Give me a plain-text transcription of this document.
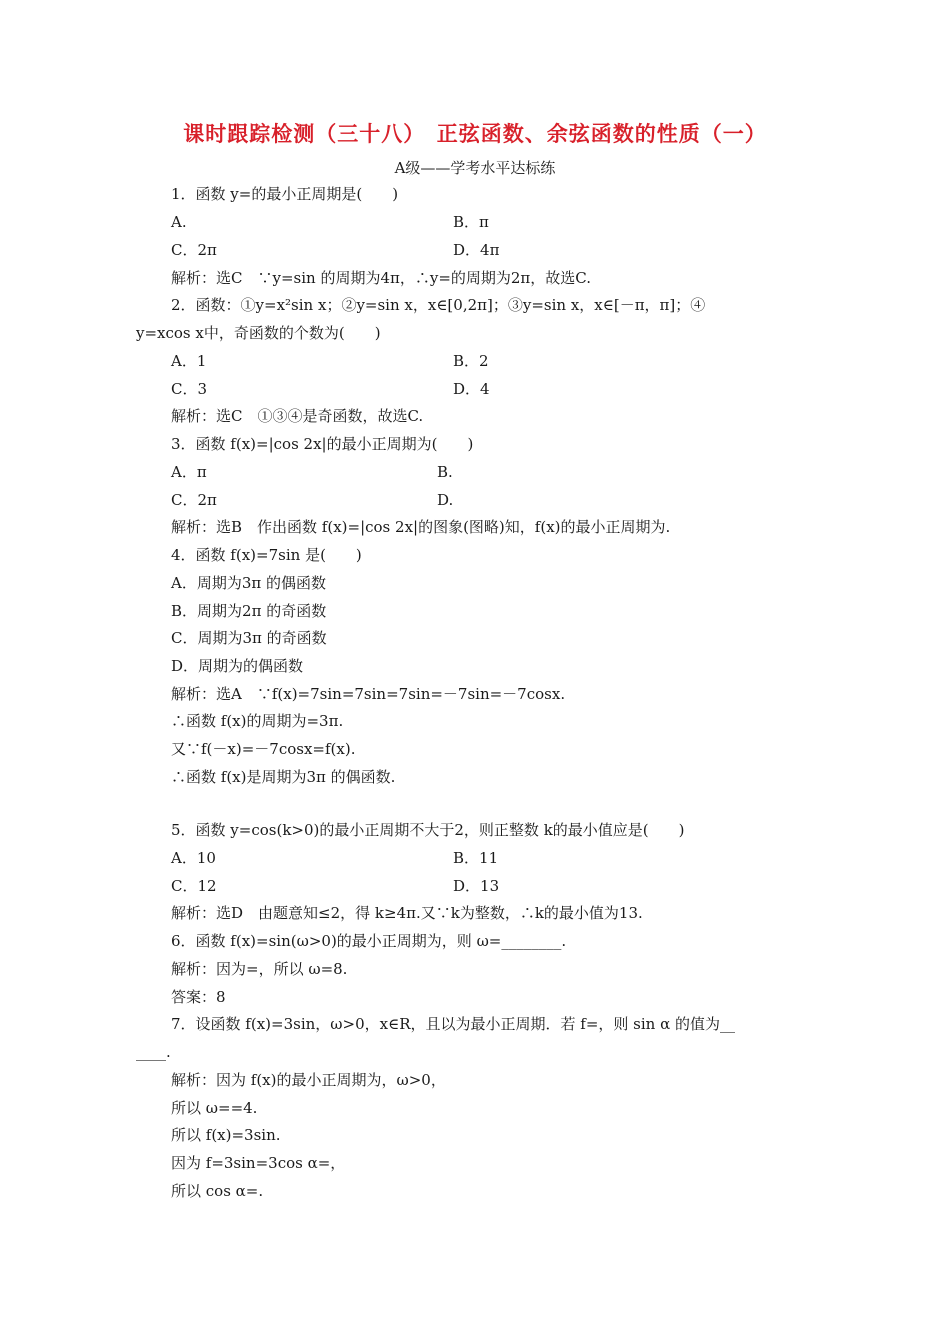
课时跟踪检测（三十八）　正弦函数、余弦函数的性质（一）
A级——学考水平达标练
1．函数 y=的最小正周期是(　　)
A.	B．π
C．2π	D．4π
解析：选C　∵y=sin 的周期为4π，∴y=的周期为2π，故选C.
2．函数：①y=x²sin x；②y=sin x，x∈[0,2π]；③y=sin x，x∈[－π，π]；④
y=xcos x中，奇函数的个数为(　　)
A．1	B．2
C．3	D．4
解析：选C　①③④是奇函数，故选C.
3．函数 f(x)=|cos 2x|的最小正周期为(　　)
A．π	B.
C．2π	D.
解析：选B　作出函数 f(x)=|cos 2x|的图象(图略)知，f(x)的最小正周期为.
4．函数 f(x)=7sin 是(　　)
A．周期为3π 的偶函数
B．周期为2π 的奇函数
C．周期为3π 的奇函数
D．周期为的偶函数
解析：选A　∵f(x)=7sin=7sin=7sin=－7sin=－7cosx.
∴函数 f(x)的周期为=3π.
又∵f(－x)=－7cosx=f(x).
∴函数 f(x)是周期为3π 的偶函数.
5．函数 y=cos(k>0)的最小正周期不大于2，则正整数 k的最小值应是(　　)
A．10	B．11
C．12	D．13
解析：选D　由题意知≤2，得 k≥4π.又∵k为整数，∴k的最小值为13.
6．函数 f(x)=sin(ω>0)的最小正周期为，则 ω=________.
解析：因为=，所以 ω=8.
答案：8
7．设函数 f(x)=3sin，ω>0，x∈R，且以为最小正周期．若 f=，则 sin α 的值为__
____.
解析：因为 f(x)的最小正周期为，ω>0，
所以 ω==4.
所以 f(x)=3sin.
因为 f=3sin=3cos α=，
所以 cos α=.
